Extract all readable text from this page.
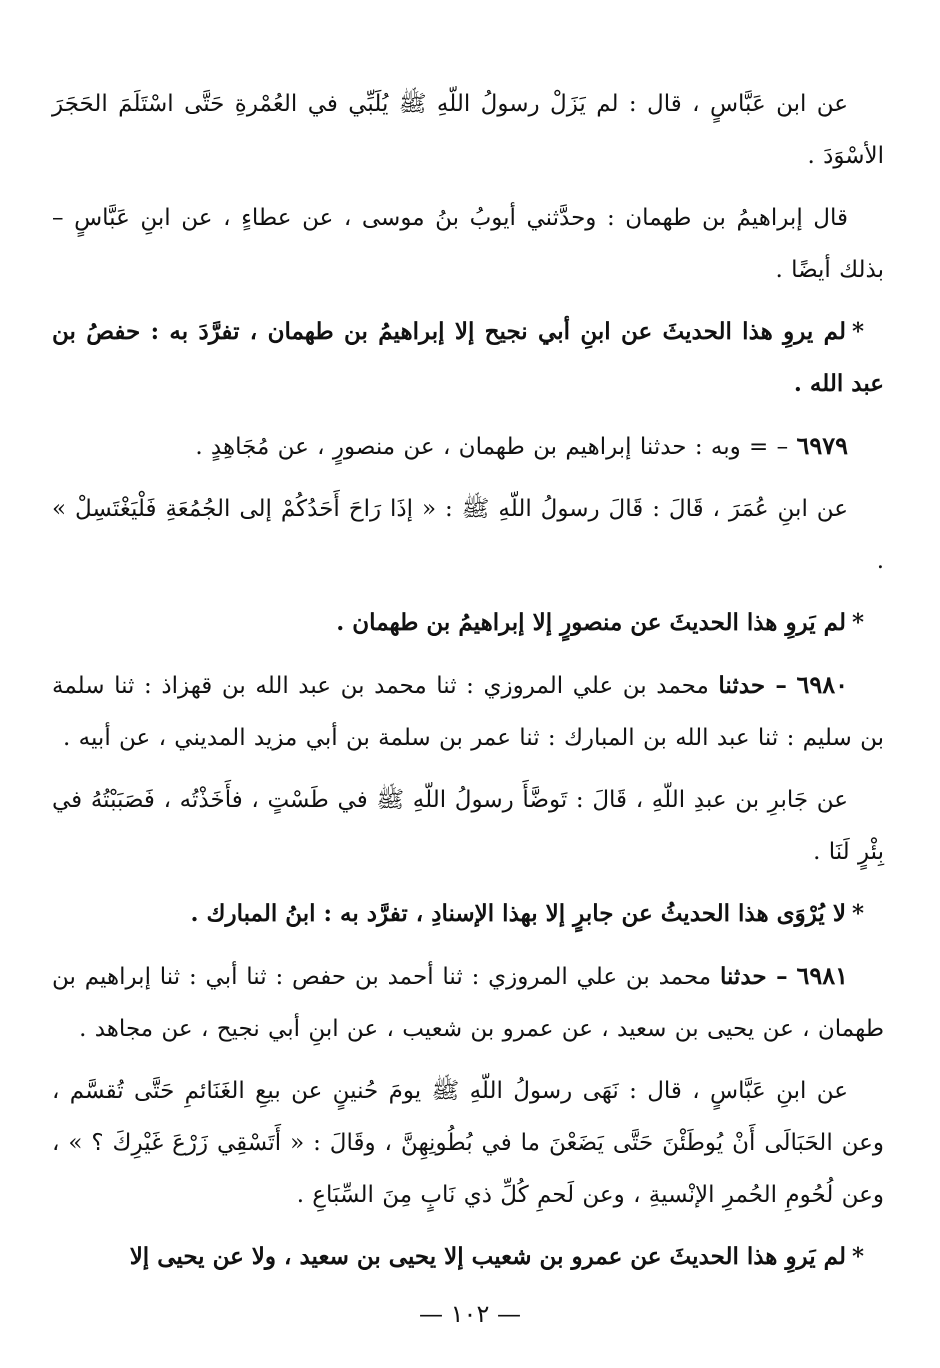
عن ابن عَبَّاسٍ ، قال : لم يَزَلْ رسولُ اللّهِ ﷺ يُلَبِّي في العُمْرةِ حَتَّى اسْتَلَمَ الحَجَرَ الأسْوَدَ .

قال إبراهيمُ بن طهمان : وحدَّثني أيوبُ بنُ موسى ، عن عطاءٍ ، عن ابنِ عَبَّاسٍ – بذلك أيضًا .

*لم يروِ هذا الحديثَ عن ابنِ أبي نجيح إلا إبراهيمُ بن طهمان ، تفرَّدَ به : حفصُ بن عبد الله .

٦٩٧٩ – = وبه : حدثنا إبراهيم بن طهمان ، عن منصورٍ ، عن مُجَاهِدٍ .

عن ابنِ عُمَرَ ، قَالَ : قَالَ رسولُ اللّهِ ﷺ : « إذَا رَاحَ أَحَدُكُمْ إلى الجُمُعَةِ فَلْيَغْتَسِلْ » .

*لم يَروِ هذا الحديثَ عن منصورٍ إلا إبراهيمُ بن طهمان .

٦٩٨٠ – حدثنا محمد بن علي المروزي : ثنا محمد بن عبد الله بن قهزاذ : ثنا سلمة بن سليم : ثنا عبد الله بن المبارك : ثنا عمر بن سلمة بن أبي مزيد المديني ، عن أبيه .

عن جَابرِ بن عبدِ اللّهِ ، قَالَ : تَوضَّأَ رسولُ اللّهِ ﷺ في طَسْتٍ ، فأَخَذْتُه ، فَصَبَبْتُهُ في بِئْرٍ لَنَا .

*لا يُرْوَى هذا الحديثُ عن جابرٍ إلا بهذا الإسنادِ ، تفرَّد به : ابنُ المبارك .

٦٩٨١ – حدثنا محمد بن علي المروزي : ثنا أحمد بن حفص : ثنا أبي : ثنا إبراهيم بن طهمان ، عن يحيى بن سعيد ، عن عمرو بن شعيب ، عن ابنِ أبي نجيح ، عن مجاهد .

عن ابنِ عَبَّاسٍ ، قال : نَهَى رسولُ اللّهِ ﷺ يومَ حُنينٍ عن بيعِ الغَنَائمِ حَتَّى تُقسَّم ، وعن الحَبَالَى أَنْ يُوطَئْنَ حَتَّى يَضَعْنَ ما في بُطُونِهِنَّ ، وقَالَ : « أَتَسْقِي زَرْعَ غَيْرِكَ ؟ » ، وعن لُحُومِ الحُمرِ الإنْسيةِ ، وعن لَحمِ كُلِّ ذي نَابٍ مِنَ السِّبَاعِ .

*لم يَروِ هذا الحديثَ عن عمرو بن شعيب إلا يحيى بن سعيد ، ولا عن يحيى إلا

— ١٠٢ —
